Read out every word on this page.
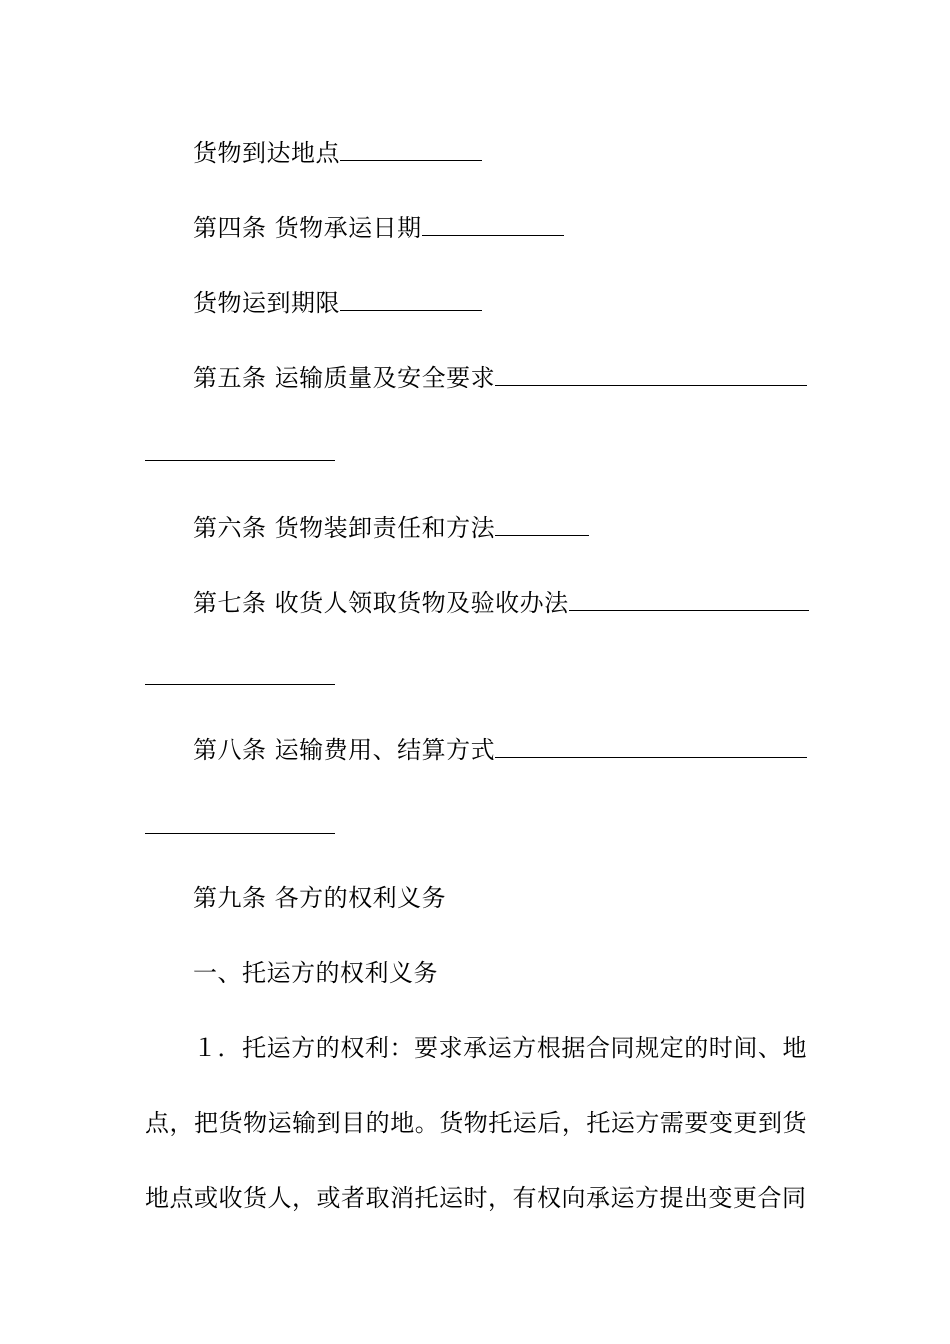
货物到达地点
第四条 货物承运日期
货物运到期限
第五条 运输质量及安全要求
第六条 货物装卸责任和方法
第七条 收货人领取货物及验收办法
第八条 运输费用、结算方式
第九条 各方的权利义务
一、托运方的权利义务
１．托运方的权利：要求承运方根据合同规定的时间、地点，把货物运输到目的地。货物托运后，托运方需要变更到货地点或收货人，或者取消托运时，有权向承运方提出变更合同
